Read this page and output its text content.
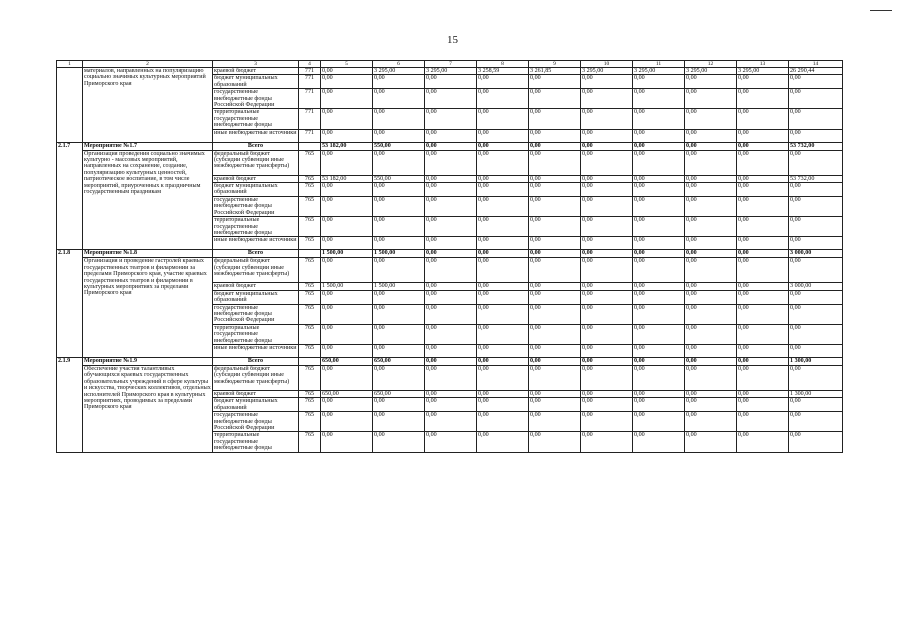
15
1	2	3	4	5	6	7	8	9	10	11	12	13	14
	материалов, направленных на популяризацию социально значимых культурных мероприятий Приморского края	краевой бюджет	771	0,00	3 295,00	3 295,00	3 258,59	3 261,85	3 295,00	3 295,00	3 295,00	3 295,00	26 290,44
		бюджет муниципальных образований	771	0,00	0,00	0,00	0,00	0,00	0,00	0,00	0,00	0,00	0,00
		государственные внебюджетные фонды Российской Федерации	771	0,00	0,00	0,00	0,00	0,00	0,00	0,00	0,00	0,00	0,00
		территориальные государственные внебюджетные фонды	771	0,00	0,00	0,00	0,00	0,00	0,00	0,00	0,00	0,00	0,00
		иные внебюджетные источники	771	0,00	0,00	0,00	0,00	0,00	0,00	0,00	0,00	0,00	0,00
2.1.7	Мероприятие №1.7	Всего		53 182,00	550,00	0,00	0,00	0,00	0,00	0,00	0,00	0,00	53 732,00
	Организация проведения социально значимых культурно - массовых мероприятий, направленных на сохранение, создание, популяризацию культурных ценностей, патриотическое воспитание, в том числе мероприятий, приуроченных к праздничным государственным праздникам	федеральный бюджет (субсидии субвенции иные межбюджетные трансферты)	765	0,00	0,00	0,00	0,00	0,00	0,00	0,00	0,00	0,00	0,00
		краевой бюджет	765	53 182,00	550,00	0,00	0,00	0,00	0,00	0,00	0,00	0,00	53 732,00
		бюджет муниципальных образований	765	0,00	0,00	0,00	0,00	0,00	0,00	0,00	0,00	0,00	0,00
		государственные внебюджетные фонды Российской Федерации	765	0,00	0,00	0,00	0,00	0,00	0,00	0,00	0,00	0,00	0,00
		территориальные государственные внебюджетные фонды	765	0,00	0,00	0,00	0,00	0,00	0,00	0,00	0,00	0,00	0,00
		иные внебюджетные источники	765	0,00	0,00	0,00	0,00	0,00	0,00	0,00	0,00	0,00	0,00
2.1.8	Мероприятие №1.8	Всего		1 500,00	1 500,00	0,00	0,00	0,00	0,00	0,00	0,00	0,00	3 000,00
	Организация и проведение гастролей краевых государственных театров и филармонии за пределами Приморского края, участие краевых государственных театров и филармонии в культурных мероприятиях за пределами Приморского края	федеральный бюджет (субсидии субвенции иные межбюджетные трансферты)	765	0,00	0,00	0,00	0,00	0,00	0,00	0,00	0,00	0,00	0,00
		краевой бюджет	765	1 500,00	1 500,00	0,00	0,00	0,00	0,00	0,00	0,00	0,00	3 000,00
		бюджет муниципальных образований	765	0,00	0,00	0,00	0,00	0,00	0,00	0,00	0,00	0,00	0,00
		государственные внебюджетные фонды Российской Федерации	765	0,00	0,00	0,00	0,00	0,00	0,00	0,00	0,00	0,00	0,00
		территориальные государственные внебюджетные фонды	765	0,00	0,00	0,00	0,00	0,00	0,00	0,00	0,00	0,00	0,00
		иные внебюджетные источники	765	0,00	0,00	0,00	0,00	0,00	0,00	0,00	0,00	0,00	0,00
2.1.9	Мероприятие №1.9	Всего		650,00	650,00	0,00	0,00	0,00	0,00	0,00	0,00	0,00	1 300,00
	Обеспечение участия талантливых обучающихся краевых государственных образовательных учреждений в сфере культуры и искусства, творческих коллективов, отдельных исполнителей Приморского края в культурных мероприятиях, проводимых за пределами Приморского края	федеральный бюджет (субсидии субвенции иные межбюджетные трансферты)	765	0,00	0,00	0,00	0,00	0,00	0,00	0,00	0,00	0,00	0,00
		краевой бюджет	765	650,00	650,00	0,00	0,00	0,00	0,00	0,00	0,00	0,00	1 300,00
		бюджет муниципальных образований	765	0,00	0,00	0,00	0,00	0,00	0,00	0,00	0,00	0,00	0,00
		государственные внебюджетные фонды Российской Федерации	765	0,00	0,00	0,00	0,00	0,00	0,00	0,00	0,00	0,00	0,00
		территориальные государственные внебюджетные фонды	765	0,00	0,00	0,00	0,00	0,00	0,00	0,00	0,00	0,00	0,00
